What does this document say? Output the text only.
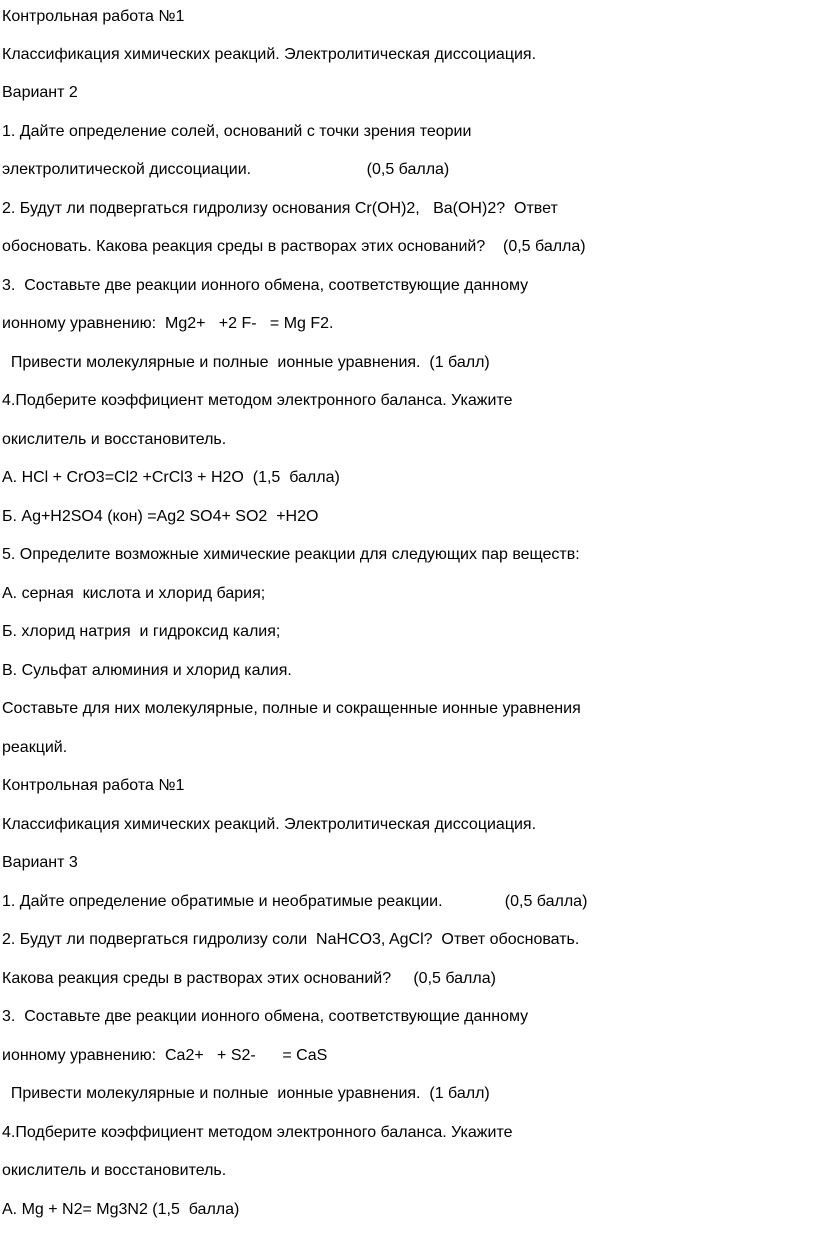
Контрольная работа №1

Классификация химических реакций. Электролитическая диссоциация.

Вариант 2

1. Дайте определение солей, оснований с точки зрения теории

электролитической диссоциации.                          (0,5 балла)

2. Будут ли подвергаться гидролизу основания Cr(OH)2,   Ba(OH)2?  Ответ

обосновать. Какова реакция среды в растворах этих оснований?    (0,5 балла)

3.  Составьте две реакции ионного обмена, соответствующие данному

ионному уравнению:  Mg2+   +2 F-   = Mg F2.

Привести молекулярные и полные  ионные уравнения.  (1 балл)

4.Подберите коэффициент методом электронного баланса. Укажите

окислитель и восстановитель.

А. HCl + CrO3=Cl2 +CrCl3 + H2O  (1,5  балла)

Б. Ag+H2SO4 (кон) =Ag2 SO4+ SO2  +H2O

5. Определите возможные химические реакции для следующих пар веществ:

А. серная  кислота и хлорид бария;

Б. хлорид натрия  и гидроксид калия;

В. Сульфат алюминия и хлорид калия.

Составьте для них молекулярные, полные и сокращенные ионные уравнения

реакций.

Контрольная работа №1

Классификация химических реакций. Электролитическая диссоциация.

Вариант 3

1. Дайте определение обратимые и необратимые реакции.              (0,5 балла)

2. Будут ли подвергаться гидролизу соли  NaHCO3, AgCl?  Ответ обосновать.

Какова реакция среды в растворах этих оснований?     (0,5 балла)

3.  Составьте две реакции ионного обмена, соответствующие данному

ионному уравнению:  Ca2+   + S2-      = CaS

Привести молекулярные и полные  ионные уравнения.  (1 балл)

4.Подберите коэффициент методом электронного баланса. Укажите

окислитель и восстановитель.

А. Mg + N2= Mg3N2 (1,5  балла)
